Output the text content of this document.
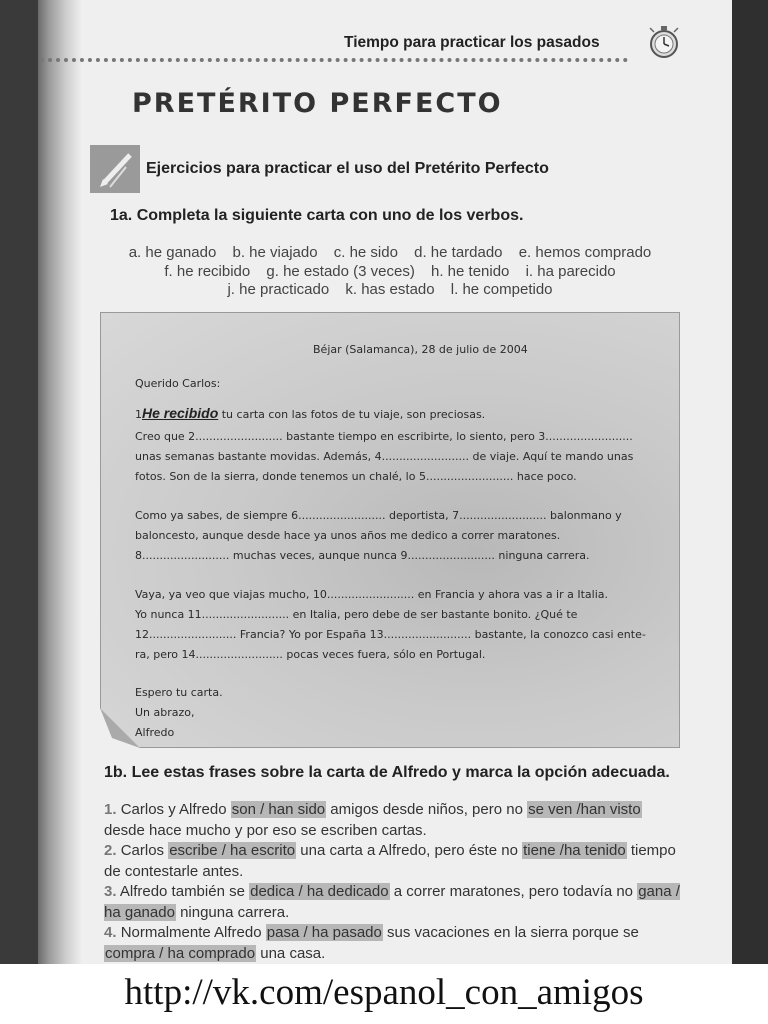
Tiempo para practicar los pasados
PRETÉRITO PERFECTO
Ejercicios para practicar el uso del Pretérito Perfecto
1a. Completa la siguiente carta con uno de los verbos.
a. he ganado b. he viajado c. he sido d. he tardado e. hemos comprado
f. he recibido g. he estado (3 veces) h. he tenido i. ha parecido
j. he practicado k. has estado l. he competido
Béjar (Salamanca), 28 de julio de 2004
Querido Carlos:
1He recibido tu carta con las fotos de tu viaje, son preciosas.
Creo que 2......................... bastante tiempo en escribirte, lo siento, pero 3.........................
unas semanas bastante movidas. Además, 4......................... de viaje. Aquí te mando unas
fotos. Son de la sierra, donde tenemos un chalé, lo 5......................... hace poco.
Como ya sabes, de siempre 6......................... deportista, 7......................... balonmano y
baloncesto, aunque desde hace ya unos años me dedico a correr maratones.
8......................... muchas veces, aunque nunca 9......................... ninguna carrera.
Vaya, ya veo que viajas mucho, 10......................... en Francia y ahora vas a ir a Italia.
Yo nunca 11......................... en Italia, pero debe de ser bastante bonito. ¿Qué te
12......................... Francia? Yo por España 13......................... bastante, la conozco casi ente-
ra, pero 14......................... pocas veces fuera, sólo en Portugal.
Espero tu carta.
Un abrazo,
Alfredo
1b. Lee estas frases sobre la carta de Alfredo y marca la opción adecuada.
1. Carlos y Alfredo son / han sido amigos desde niños, pero no se ven /han visto desde hace mucho y por eso se escriben cartas.
2. Carlos escribe / ha escrito una carta a Alfredo, pero éste no tiene /ha tenido tiempo de contestarle antes.
3. Alfredo también se dedica / ha dedicado a correr maratones, pero todavía no gana / ha ganado ninguna carrera.
4. Normalmente Alfredo pasa / ha pasado sus vacaciones en la sierra porque se compra / ha comprado una casa.
http://vk.com/espanol_con_amigos
